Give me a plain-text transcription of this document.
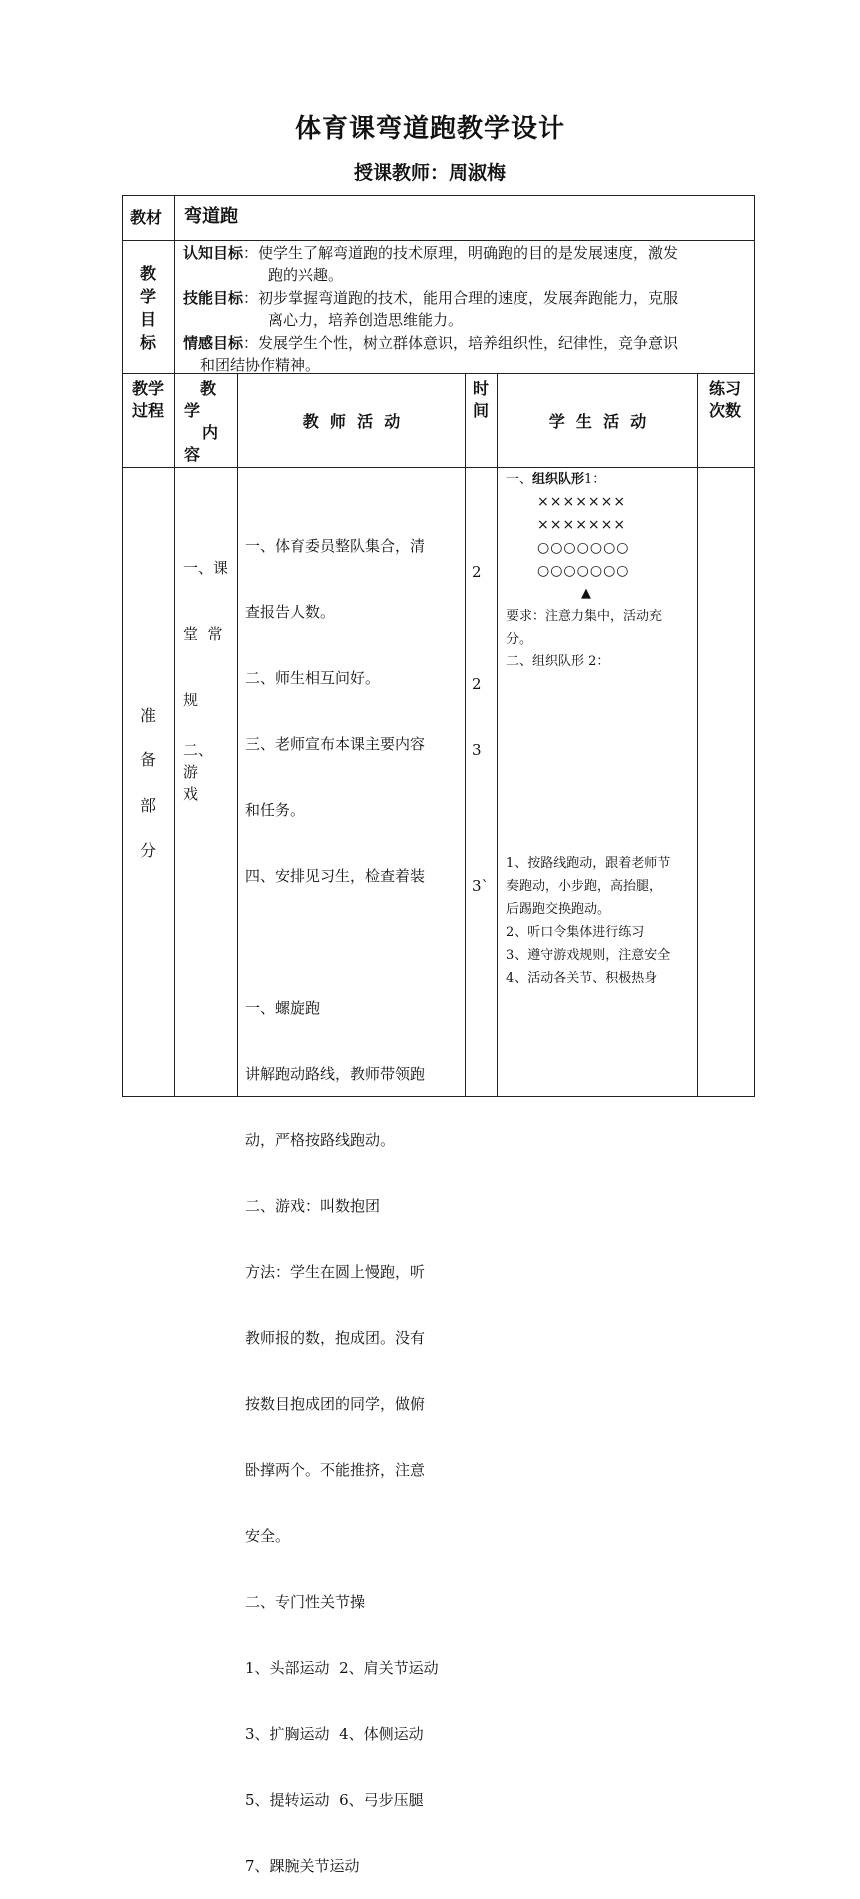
体育课弯道跑教学设计
授课教师：周淑梅
教材 弯道跑
教
学
目
标
认知目标：使学生了解弯道跑的技术原理，明确跑的目的是发展速度，激发
跑的兴趣。
技能目标：初步掌握弯道跑的技术，能用合理的速度，发展奔跑能力，克服
离心力，培养创造思维能力。
情感目标：发展学生个性，树立群体意识，培养组织性，纪律性，竞争意识
和团结协作精神。
教学
过程
教
学
内
容
教  师  活  动
时
间
学  生  活  动
练习
次数
准
备
部
分

一、课

堂  常

规

二、
游
戏

一、体育委员整队集合，清

查报告人数。

二、师生相互问好。

三、老师宣布本课主要内容

和任务。

四、安排见习生，检查着装

一、螺旋跑

讲解跑动路线，教师带领跑

动，严格按路线跑动。

二、游戏：叫数抱团

方法：学生在圆上慢跑，听

教师报的数，抱成团。没有

按数目抱成团的同学，做俯

卧撑两个。不能推挤，注意

安全。

二、专门性关节操

1、头部运动  2、肩关节运动

3、扩胸运动  4、体侧运动

5、提转运动  6、弓步压腿

7、踝腕关节运动

2
2
3
3`
一、组织队形1：
×××××××
×××××××
○○○○○○○
○○○○○○○
▲
要求：注意力集中，活动充
分。
二、组织队形 2：
1、按路线跑动，跟着老师节
奏跑动，小步跑，高抬腿，
后踢跑交换跑动。
2、听口令集体进行练习
3、遵守游戏规则，注意安全
4、活动各关节、积极热身
